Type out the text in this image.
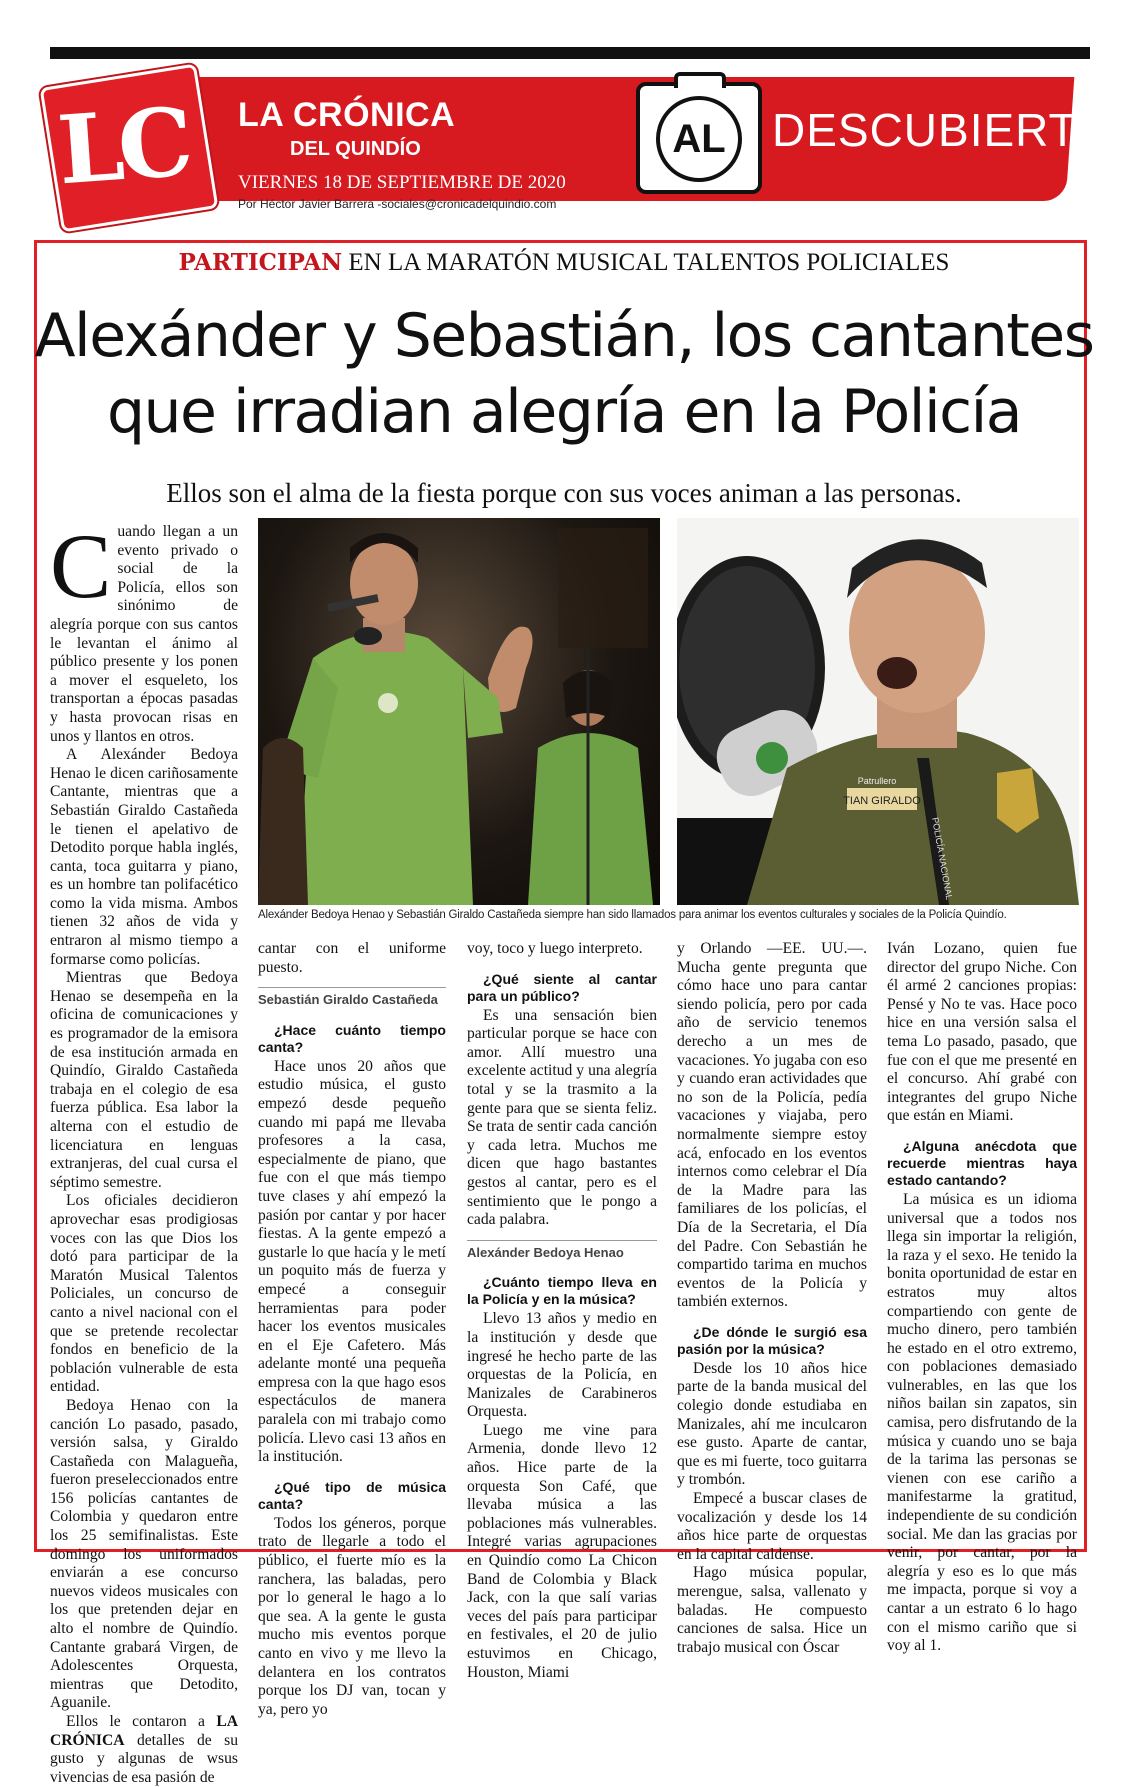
LC LA CRÓNICA
DEL QUINDÍO
VIERNES 18 DE SEPTIEMBRE DE 2020
Por Héctor Javier Barrera -sociales@cronicadelquindio.com
AL	DESCUBIERTO
PARTICIPAN EN LA MARATÓN MUSICAL TALENTOS POLICIALES
Alexánder y Sebastián, los cantantes
que irradian alegría en la Policía
Ellos son el alma de la fiesta porque con sus voces animan a las personas.
TIAN GIRALDO
Patrullero
POLICÍA NACIONAL
Alexánder Bedoya Henao y Sebastián Giraldo Castañeda siempre han sido llamados para animar los eventos culturales y sociales de la Policía Quindío.

Cuando llegan a un evento privado o social de la Policía, ellos son sinónimo de alegría porque con sus cantos le levantan el ánimo al público presente y los ponen a mover el esqueleto, los transportan a épocas pasadas y hasta provocan risas en unos y llantos en otros.

A Alexánder Bedoya Henao le dicen cariñosamente Cantante, mientras que a Sebastián Giraldo Castañeda le tienen el apelativo de Detodito porque habla inglés, canta, toca guitarra y piano, es un hombre tan polifacético como la vida misma. Ambos tienen 32 años de vida y entraron al mismo tiempo a formarse como policías.

Mientras que Bedoya Henao se desempeña en la oficina de comunicaciones y es programador de la emisora de esa institución armada en Quindío, Giraldo Castañeda trabaja en el colegio de esa fuerza pública. Esa labor la alterna con el estudio de licenciatura en lenguas extranjeras, del cual cursa el séptimo semestre.

Los oficiales decidieron aprovechar esas prodigiosas voces con las que Dios los dotó para participar de la Maratón Musical Talentos Policiales, un concurso de canto a nivel nacional con el que se pretende recolectar fondos en beneficio de la población vulnerable de esta entidad.

Bedoya Henao con la canción Lo pasado, pasado, versión salsa, y Giraldo Castañeda con Malagueña, fueron preseleccionados entre 156 policías cantantes de Colombia y quedaron entre los 25 semifinalistas. Este domingo los uniformados enviarán a ese concurso nuevos videos musicales con los que pretenden dejar en alto el nombre de Quindío. Cantante grabará Virgen, de Adolescentes Orquesta, mientras que Detodito, Aguanile.

Ellos le contaron a LA CRÓNICA detalles de su gusto y algunas de wsus vivencias de esa pasión de

cantar con el uniforme puesto.

Sebastián Giraldo Castañeda
¿Hace cuánto tiempo canta?

Hace unos 20 años que estudio música, el gusto empezó desde pequeño cuando mi papá me llevaba profesores a la casa, especialmente de piano, que fue con el que más tiempo tuve clases y ahí empezó la pasión por cantar y por hacer fiestas. A la gente empezó a gustarle lo que hacía y le metí un poquito más de fuerza y empecé a conseguir herramientas para poder hacer los eventos musicales en el Eje Cafetero. Más adelante monté una pequeña empresa con la que hago esos espectáculos de manera paralela con mi trabajo como policía. Llevo casi 13 años en la institución.

¿Qué tipo de música canta?

Todos los géneros, porque trato de llegarle a todo el público, el fuerte mío es la ranchera, las baladas, pero por lo general le hago a lo que sea. A la gente le gusta mucho mis eventos porque canto en vivo y me llevo la delantera en los contratos porque los DJ van, tocan y ya, pero yo

voy, toco y luego interpreto.

¿Qué siente al cantar para un público?

Es una sensación bien particular porque se hace con amor. Allí muestro una excelente actitud y una alegría total y se la trasmito a la gente para que se sienta feliz. Se trata de sentir cada canción y cada letra. Muchos me dicen que hago bastantes gestos al cantar, pero es el sentimiento que le pongo a cada palabra.

Alexánder Bedoya Henao
¿Cuánto tiempo lleva en la Policía y en la música?

Llevo 13 años y medio en la institución y desde que ingresé he hecho parte de las orquestas de la Policía, en Manizales de Carabineros Orquesta.

Luego me vine para Armenia, donde llevo 12 años. Hice parte de la orquesta Son Café, que llevaba música a las poblaciones más vulnerables. Integré varias agrupaciones en Quindío como La Chicon Band de Colombia y Black Jack, con la que salí varias veces del país para participar en festivales, el 20 de julio estuvimos en Chicago, Houston, Miami

y Orlando —EE. UU.—. Mucha gente pregunta que cómo hace uno para cantar siendo policía, pero por cada año de servicio tenemos derecho a un mes de vacaciones. Yo jugaba con eso y cuando eran actividades que no son de la Policía, pedía vacaciones y viajaba, pero normalmente siempre estoy acá, enfocado en los eventos internos como celebrar el Día de la Madre para las familiares de los policías, el Día de la Secretaria, el Día del Padre. Con Sebastián he compartido tarima en muchos eventos de la Policía y también externos.

¿De dónde le surgió esa pasión por la música?

Desde los 10 años hice parte de la banda musical del colegio donde estudiaba en Manizales, ahí me inculcaron ese gusto. Aparte de cantar, que es mi fuerte, toco guitarra y trombón.

Empecé a buscar clases de vocalización y desde los 14 años hice parte de orquestas en la capital caldense.

Hago música popular, merengue, salsa, vallenato y baladas. He compuesto canciones de salsa. Hice un trabajo musical con Óscar

Iván Lozano, quien fue director del grupo Niche. Con él armé 2 canciones propias: Pensé y No te vas. Hace poco hice en una versión salsa el tema Lo pasado, pasado, que fue con el que me presenté en el concurso. Ahí grabé con integrantes del grupo Niche que están en Miami.

¿Alguna anécdota que recuerde mientras haya estado cantando?

La música es un idioma universal que a todos nos llega sin importar la religión, la raza y el sexo. He tenido la bonita oportunidad de estar en estratos muy altos compartiendo con gente de mucho dinero, pero también he estado en el otro extremo, con poblaciones demasiado vulnerables, en las que los niños bailan sin zapatos, sin camisa, pero disfrutando de la música y cuando uno se baja de la tarima las personas se vienen con ese cariño a manifestarme la gratitud, independiente de su condición social. Me dan las gracias por venir, por cantar, por la alegría y eso es lo que más me impacta, porque si voy a cantar a un estrato 6 lo hago con el mismo cariño que si voy al 1.
